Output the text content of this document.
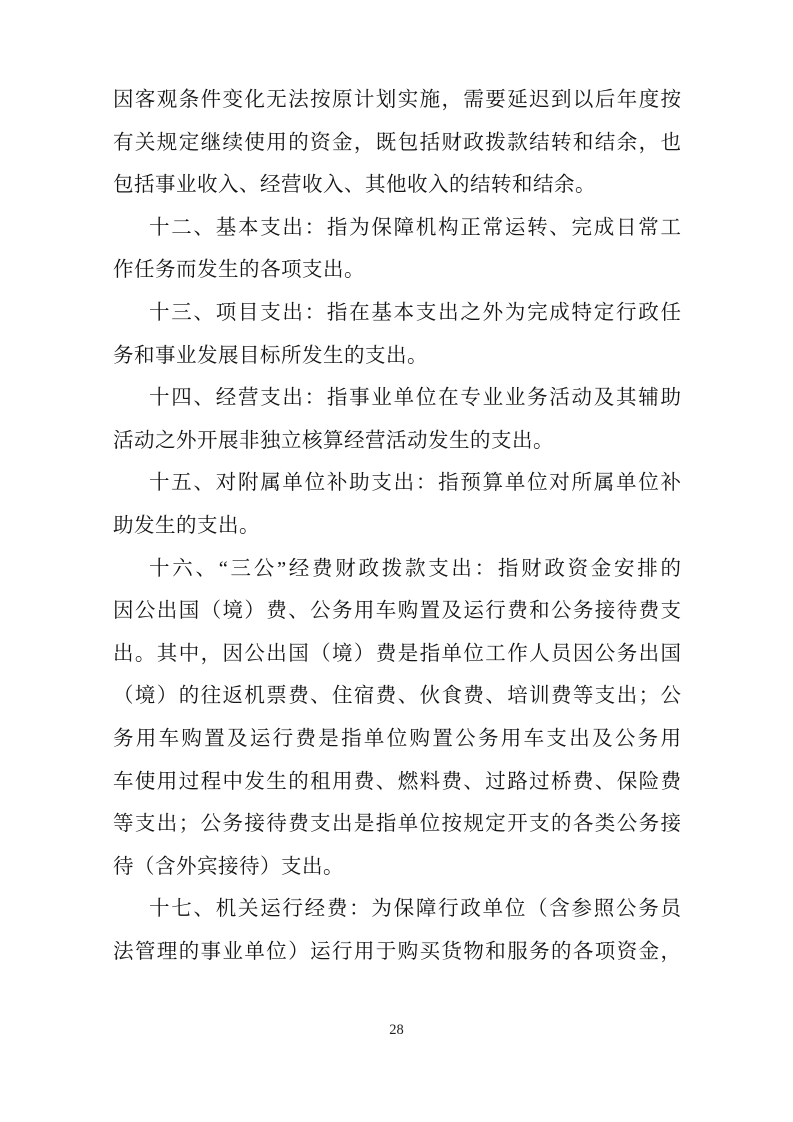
因客观条件变化无法按原计划实施，需要延迟到以后年度按
有关规定继续使用的资金，既包括财政拨款结转和结余，也
包括事业收入、经营收入、其他收入的结转和结余。
十二、基本支出：指为保障机构正常运转、完成日常工
作任务而发生的各项支出。
十三、项目支出：指在基本支出之外为完成特定行政任
务和事业发展目标所发生的支出。
十四、经营支出：指事业单位在专业业务活动及其辅助
活动之外开展非独立核算经营活动发生的支出。
十五、对附属单位补助支出：指预算单位对所属单位补
助发生的支出。
十六、“三公”经费财政拨款支出：指财政资金安排的
因公出国（境）费、公务用车购置及运行费和公务接待费支
出。其中，因公出国（境）费是指单位工作人员因公务出国
（境）的往返机票费、住宿费、伙食费、培训费等支出；公
务用车购置及运行费是指单位购置公务用车支出及公务用
车使用过程中发生的租用费、燃料费、过路过桥费、保险费
等支出；公务接待费支出是指单位按规定开支的各类公务接
待（含外宾接待）支出。
十七、机关运行经费：为保障行政单位（含参照公务员
法管理的事业单位）运行用于购买货物和服务的各项资金，
28
